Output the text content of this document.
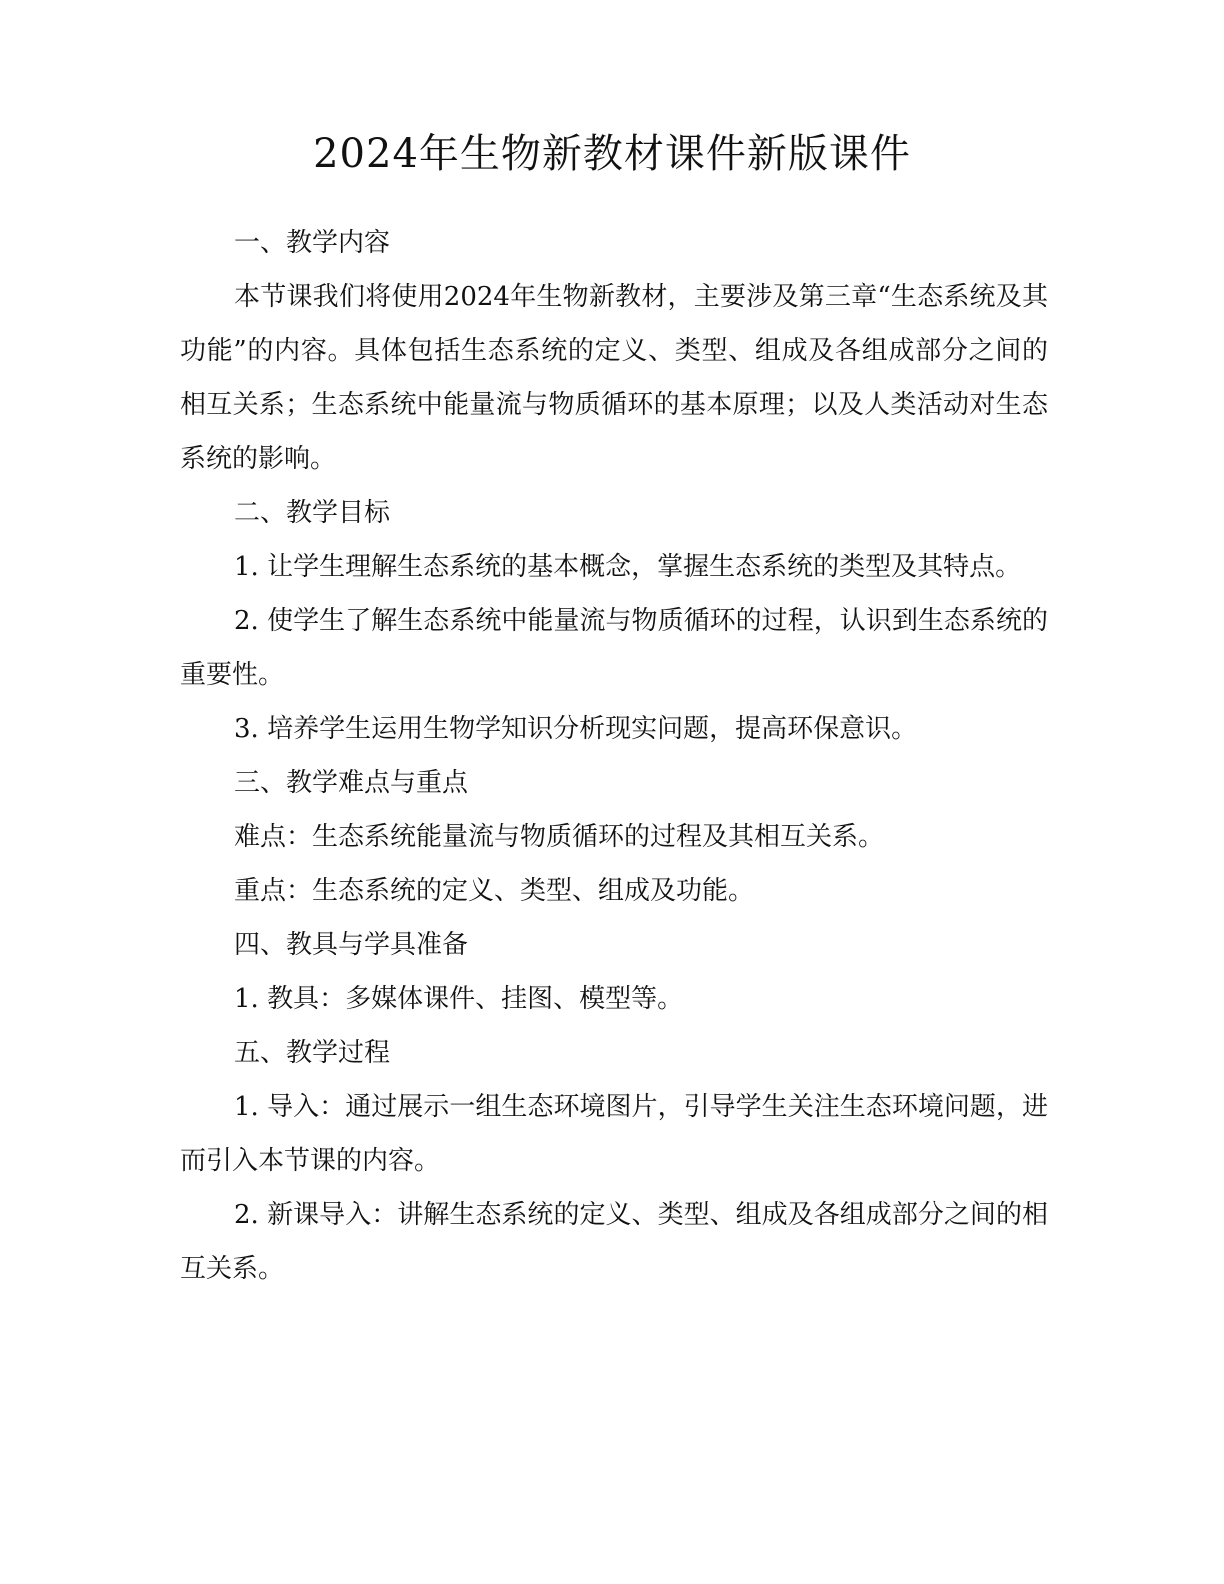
2024年生物新教材课件新版课件

一、教学内容

本节课我们将使用2024年生物新教材，主要涉及第三章“生态系统及其功能”的内容。具体包括生态系统的定义、类型、组成及各组成部分之间的相互关系；生态系统中能量流与物质循环的基本原理；以及人类活动对生态系统的影响。

二、教学目标

1. 让学生理解生态系统的基本概念，掌握生态系统的类型及其特点。

2. 使学生了解生态系统中能量流与物质循环的过程，认识到生态系统的重要性。

3. 培养学生运用生物学知识分析现实问题，提高环保意识。

三、教学难点与重点

难点：生态系统能量流与物质循环的过程及其相互关系。

重点：生态系统的定义、类型、组成及功能。

四、教具与学具准备

1. 教具：多媒体课件、挂图、模型等。

五、教学过程

1. 导入：通过展示一组生态环境图片，引导学生关注生态环境问题，进而引入本节课的内容。

2. 新课导入：讲解生态系统的定义、类型、组成及各组成部分之间的相互关系。
